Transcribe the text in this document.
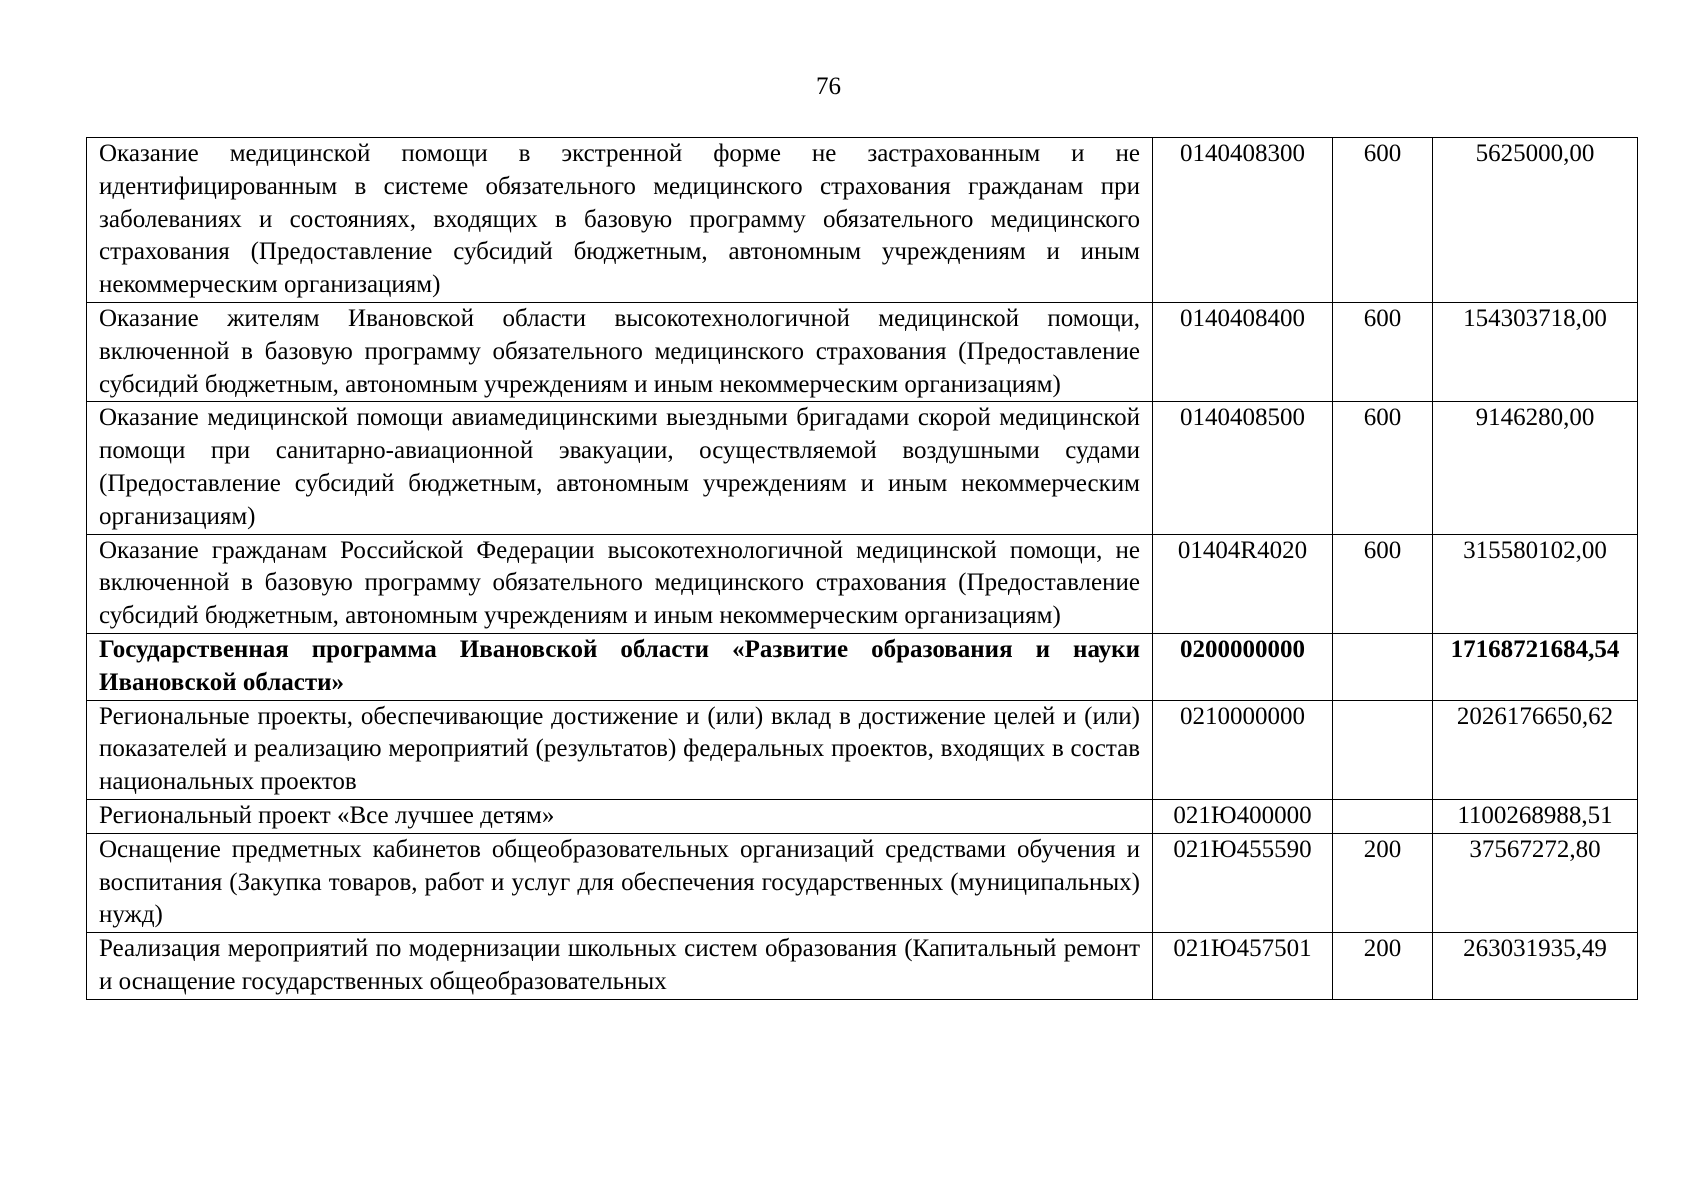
76
Оказание медицинской помощи в экстренной форме не застрахованным и не идентифицированным в системе обязательного медицинского страхования гражданам при заболеваниях и состояниях, входящих в базовую программу обязательного медицинского страхования (Предоставление субсидий бюджетным, автономным учреждениям и иным некоммерческим организациям)	0140408300	600	5625000,00
Оказание жителям Ивановской области высокотехнологичной медицинской помощи, включенной в базовую программу обязательного медицинского страхования (Предоставление субсидий бюджетным, автономным учреждениям и иным некоммерческим организациям)	0140408400	600	154303718,00
Оказание медицинской помощи авиамедицинскими выездными бригадами скорой медицинской помощи при санитарно-авиационной эвакуации, осуществляемой воздушными судами (Предоставление субсидий бюджетным, автономным учреждениям и иным некоммерческим организациям)	0140408500	600	9146280,00
Оказание гражданам Российской Федерации высокотехнологичной медицинской помощи, не включенной в базовую программу обязательного медицинского страхования (Предоставление субсидий бюджетным, автономным учреждениям и иным некоммерческим организациям)	01404R4020	600	315580102,00
Государственная программа Ивановской области «Развитие образования и науки Ивановской области»	0200000000		17168721684,54
Региональные проекты, обеспечивающие достижение и (или) вклад в достижение целей и (или) показателей и реализацию мероприятий (результатов) федеральных проектов, входящих в состав национальных проектов	0210000000		2026176650,62
Региональный проект «Все лучшее детям»	021Ю400000		1100268988,51
Оснащение предметных кабинетов общеобразовательных организаций средствами обучения и воспитания (Закупка товаров, работ и услуг для обеспечения государственных (муниципальных) нужд)	021Ю455590	200	37567272,80
Реализация мероприятий по модернизации школьных систем образования (Капитальный ремонт и оснащение государственных общеобразовательных	021Ю457501	200	263031935,49
